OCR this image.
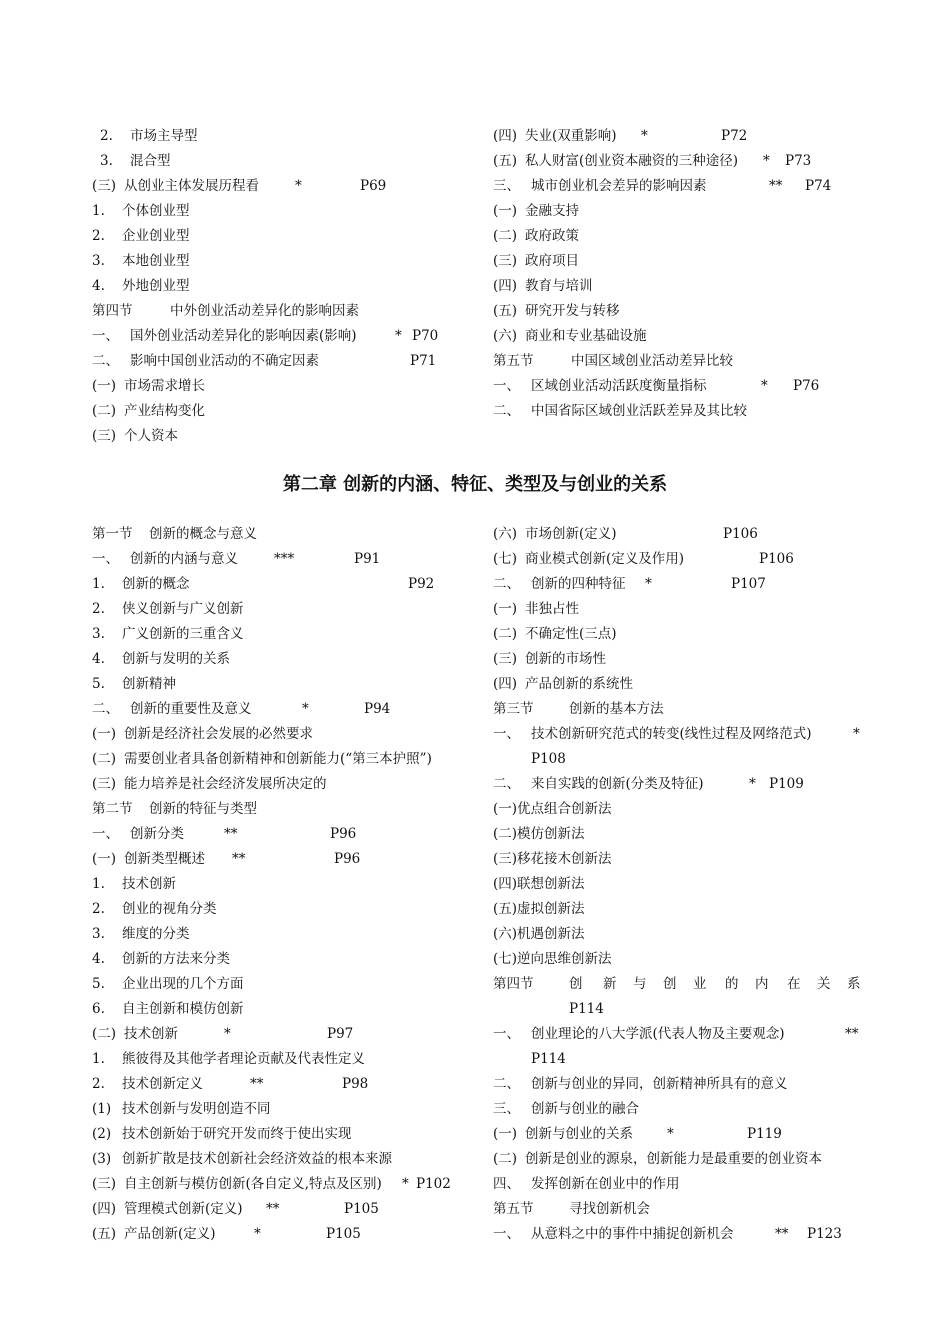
2. 市场主导型
3. 混合型
(三) 从创业主体发展历程看	*	P69
1. 个体创业型
2. 企业创业型
3. 本地创业型
4. 外地创业型
第四节	中外创业活动差异化的影响因素
一、 国外创业活动差异化的影响因素(影响)	* P70
二、 影响中国创业活动的不确定因素	P71
(一) 市场需求增长
(二) 产业结构变化
(三) 个人资本
(四) 失业(双重影响) *	P72
(五) 私人财富(创业资本融资的三种途径) * P73
三、 城市创业机会差异的影响因素	** P74
(一) 金融支持
(二) 政府政策
(三) 政府项目
(四) 教育与培训
(五) 研究开发与转移
(六) 商业和专业基础设施
第五节	中国区域创业活动差异比较
一、 区域创业活动活跃度衡量指标	* P76
二、 中国省际区域创业活跃差异及其比较
第二章 创新的内涵、特征、类型及与创业的关系
第一节 创新的概念与意义
一、 创新的内涵与意义	***	P91
1. 创新的概念	P92
2. 侠义创新与广义创新
3. 广义创新的三重含义
4. 创新与发明的关系
5. 创新精神
二、 创新的重要性及意义	*	P94
(一) 创新是经济社会发展的必然要求
(二) 需要创业者具备创新精神和创新能力(“第三本护照”)
(三) 能力培养是社会经济发展所决定的
第二节 创新的特征与类型
一、 创新分类	**	P96
(一) 创新类型概述 **	P96
1. 技术创新
2. 创业的视角分类
3. 维度的分类
4. 创新的方法来分类
5. 企业出现的几个方面
6. 自主创新和模仿创新
(二) 技术创新	*	P97
1. 熊彼得及其他学者理论贡献及代表性定义
2. 技术创新定义	**	P98
(1) 技术创新与发明创造不同
(2) 技术创新始于研究开发而终于使出实现
(3) 创新扩散是技术创新社会经济效益的根本来源
(三) 自主创新与模仿创新(各自定义,特点及区别) * P102
(四) 管理模式创新(定义) **	P105
(五) 产品创新(定义)	*	P105
(六) 市场创新(定义)	P106
(七) 商业模式创新(定义及作用)	P106
二、 创新的四种特征 *	P107
(一) 非独占性
(二) 不确定性(三点)
(三) 创新的市场性
(四) 产品创新的系统性
第三节	创新的基本方法
一、 技术创新研究范式的转变(线性过程及网络范式)	*
P108
二、 来自实践的创新(分类及特征)	* P109
(一)优点组合创新法
(二)模仿创新法
(三)移花接木创新法
(四)联想创新法
(五)虚拟创新法
(六)机遇创新法
(七)逆向思维创新法
第四节	创 新 与 创 业 的 内 在 关 系
P114
一、 创业理论的八大学派(代表人物及主要观念)	**
P114
二、 创新与创业的异同，创新精神所具有的意义
三、 创新与创业的融合
(一) 创新与创业的关系	*	P119
(二) 创新是创业的源泉，创新能力是最重要的创业资本
四、 发挥创新在创业中的作用
第五节	寻找创新机会
一、 从意料之中的事件中捕捉创新机会	** P123
